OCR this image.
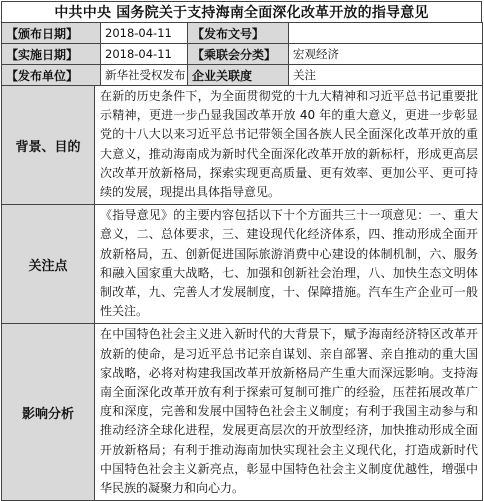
中共中央 国务院关于支持海南全面深化改革开放的指导意见
【颁布日期】	2018-04-11	【发布文号】	
【实施日期】	2018-04-11	【乘联会分类】	宏观经济
【发布单位】	新华社受权发布	企业关联度	关注
背景、目的	在新的历史条件下，为全面贯彻党的十九大精神和习近平总书记重要批示精神，更进一步凸显我国改革开放 40 年的重大意义，更进一步彰显党的十八大以来习近平总书记带领全国各族人民全面深化改革开放的重大意义，推动海南成为新时代全面深化改革开放的新标杆，形成更高层次改革开放新格局，探索实现更高质量、更有效率、更加公平、更可持续的发展，现提出具体指导意见。
关注点	《指导意见》的主要内容包括以下十个方面共三十一项意见：一、重大意义，二、总体要求，三、建设现代化经济体系，四、推动形成全面开放新格局，五、创新促进国际旅游消费中心建设的体制机制，六、服务和融入国家重大战略，七、加强和创新社会治理，八、加快生态文明体制改革，九、完善人才发展制度，十、保障措施。汽车生产企业可一般性关注。
影响分析	在中国特色社会主义进入新时代的大背景下，赋予海南经济特区改革开放新的使命，是习近平总书记亲自谋划、亲自部署、亲自推动的重大国家战略，必将对构建我国改革开放新格局产生重大而深远影响。支持海南全面深化改革开放有利于探索可复制可推广的经验，压茬拓展改革广度和深度，完善和发展中国特色社会主义制度；有利于我国主动参与和推动经济全球化进程，发展更高层次的开放型经济，加快推动形成全面开放新格局；有利于推动海南加快实现社会主义现代化，打造成新时代中国特色社会主义新亮点，彰显中国特色社会主义制度优越性，增强中华民族的凝聚力和向心力。
